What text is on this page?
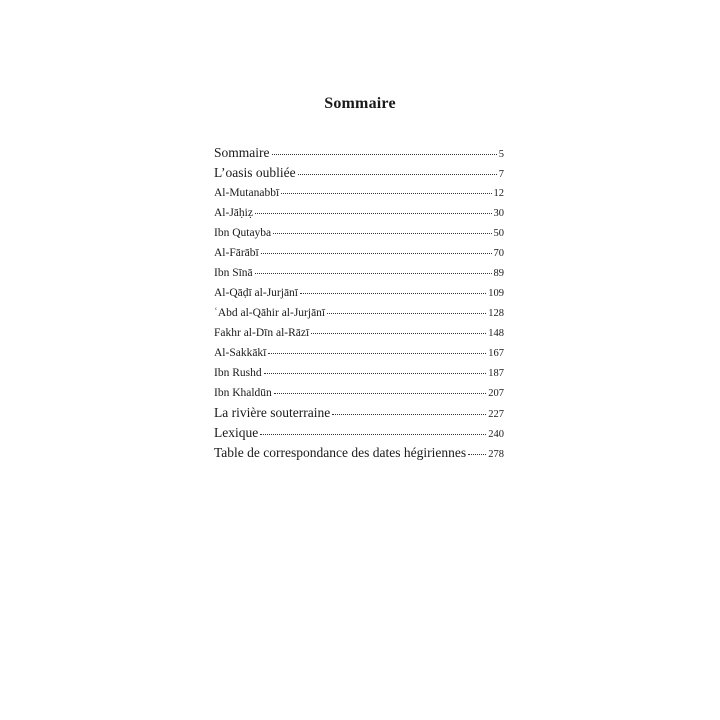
Sommaire
Sommaire	5
L’oasis oubliée	7
Al-Mutanabbī	12
Al-Jāḥiẓ	30
Ibn Qutayba	50
Al-Fārābī	70
Ibn Sīnā	89
Al-Qāḍī al-Jurjānī	109
ʿAbd al-Qāhir al-Jurjānī	128
Fakhr al-Dīn al-Rāzī	148
Al-Sakkākī	167
Ibn Rushd	187
Ibn Khaldūn	207
La rivière souterraine	227
Lexique	240
Table de correspondance des dates hégiriennes 278
